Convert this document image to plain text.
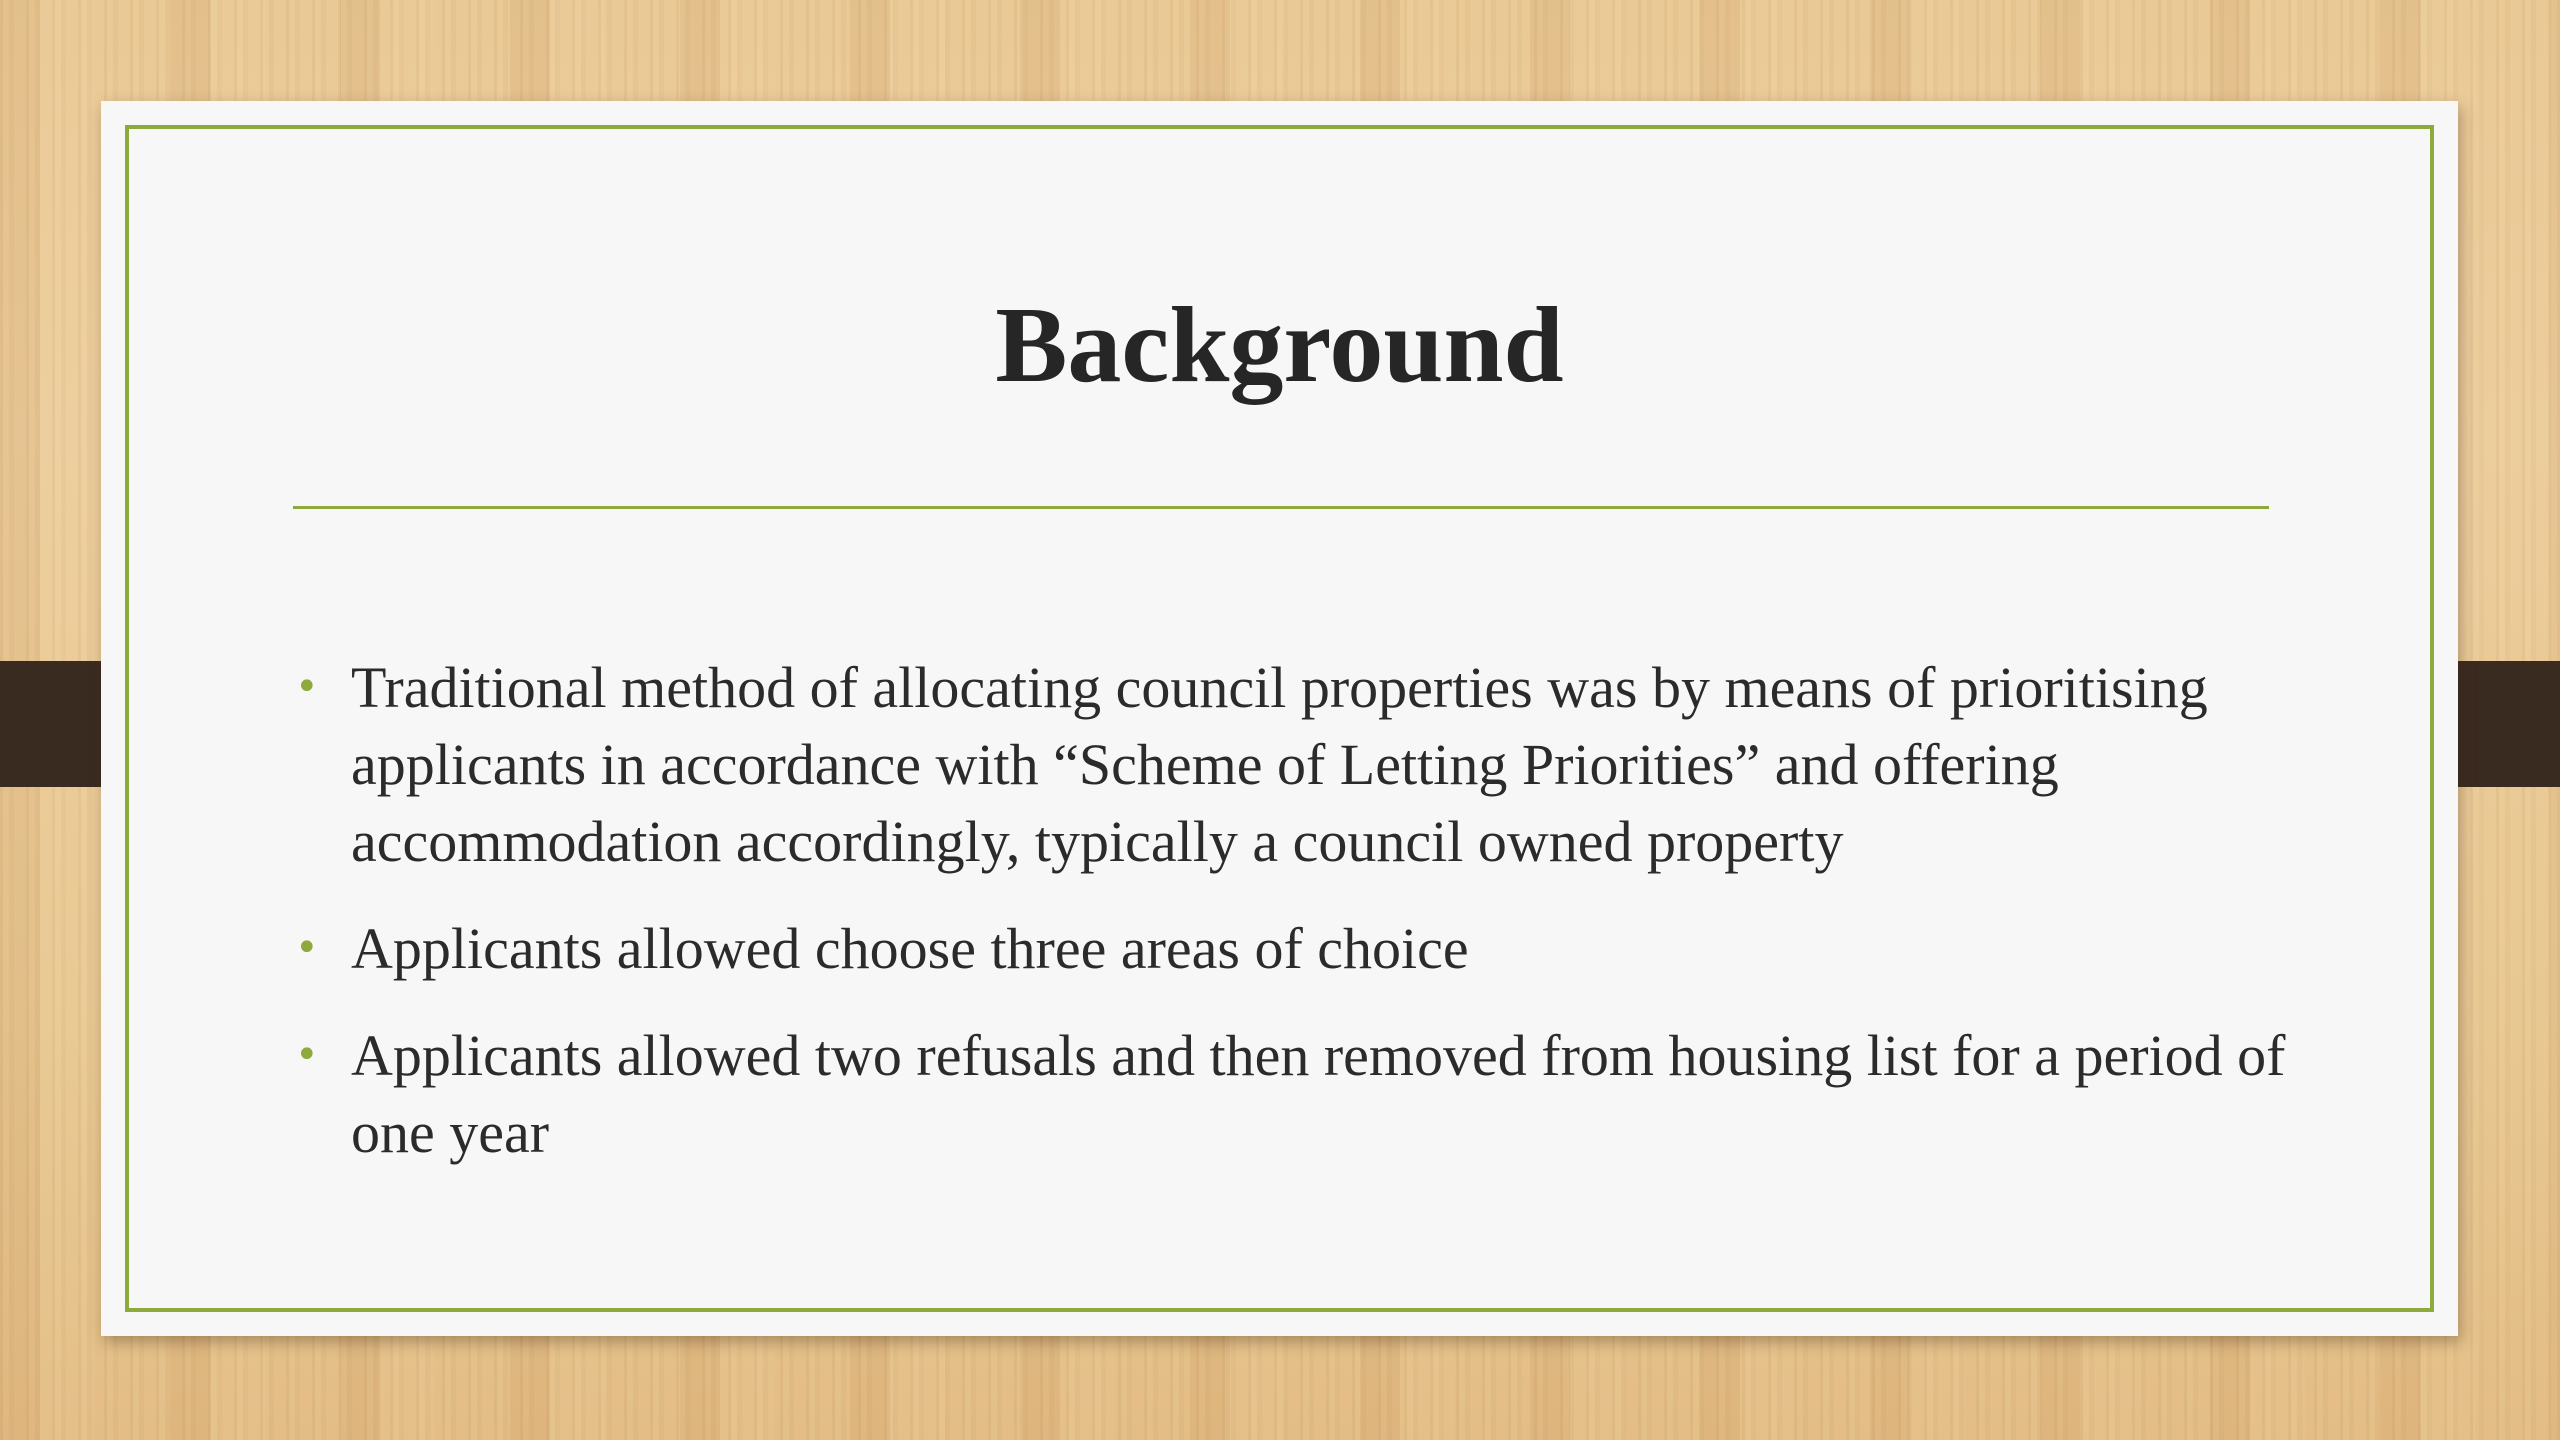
Background
• Traditional method of allocating council properties was by means of prioritising applicants in accordance with “Scheme of Letting Priorities” and offering accommodation accordingly, typically a council owned property
• Applicants allowed choose three areas of choice
• Applicants allowed two refusals and then removed from housing list for a period of one year
